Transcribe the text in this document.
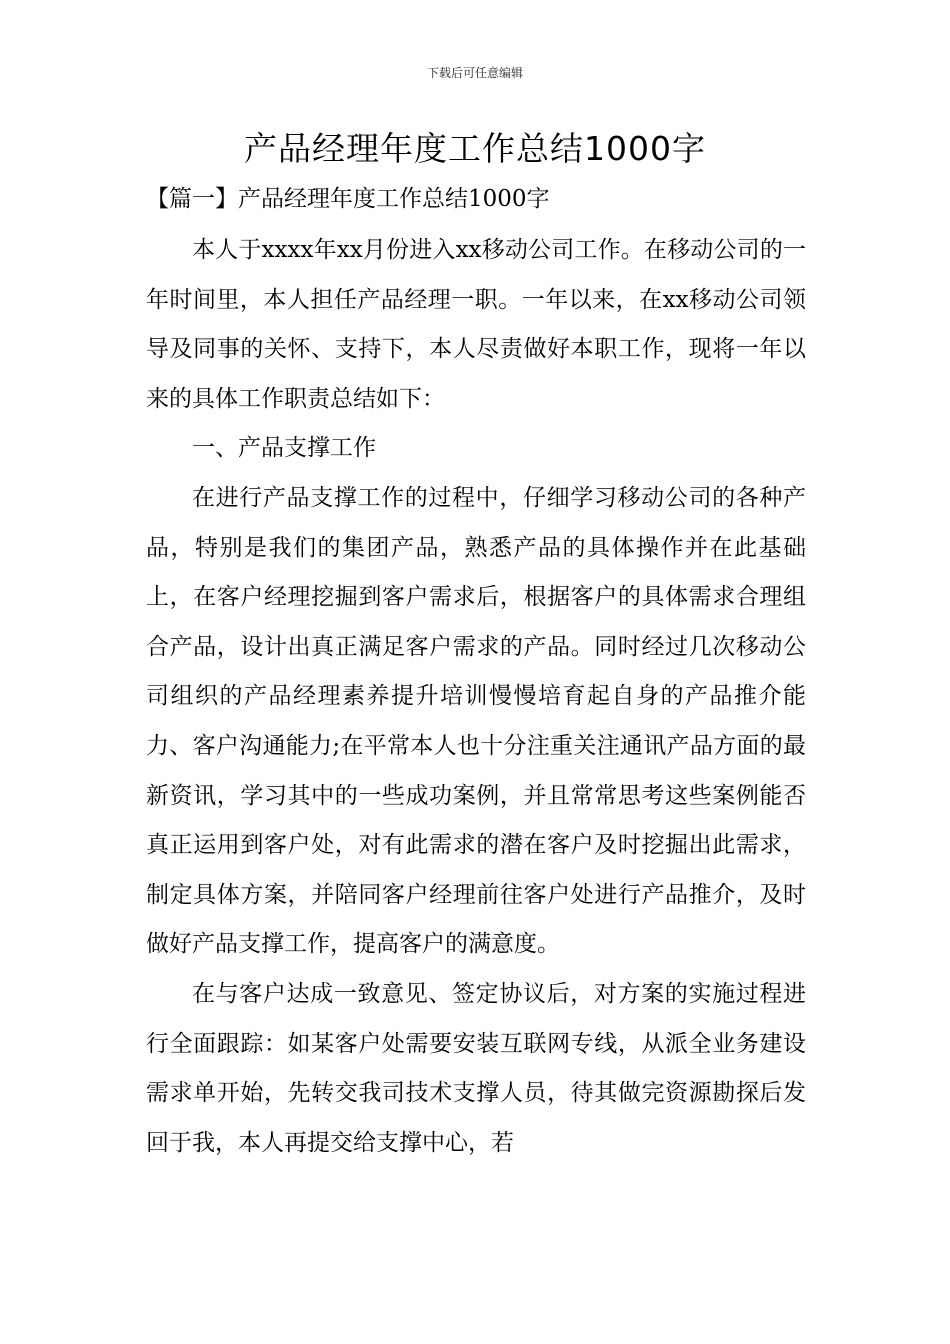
下载后可任意编辑
产品经理年度工作总结1000字
【篇一】产品经理年度工作总结1000字

本人于xxxx年xx月份进入xx移动公司工作。在移动公司的一年时间里，本人担任产品经理一职。一年以来，在xx移动公司领导及同事的关怀、支持下，本人尽责做好本职工作，现将一年以来的具体工作职责总结如下：

一、产品支撑工作

在进行产品支撑工作的过程中，仔细学习移动公司的各种产品，特别是我们的集团产品，熟悉产品的具体操作并在此基础上，在客户经理挖掘到客户需求后，根据客户的具体需求合理组合产品，设计出真正满足客户需求的产品。同时经过几次移动公司组织的产品经理素养提升培训慢慢培育起自身的产品推介能力、客户沟通能力;在平常本人也十分注重关注通讯产品方面的最新资讯，学习其中的一些成功案例，并且常常思考这些案例能否真正运用到客户处，对有此需求的潜在客户及时挖掘出此需求，制定具体方案，并陪同客户经理前往客户处进行产品推介，及时做好产品支撑工作，提高客户的满意度。

在与客户达成一致意见、签定协议后，对方案的实施过程进行全面跟踪：如某客户处需要安装互联网专线，从派全业务建设需求单开始，先转交我司技术支撑人员，待其做完资源勘探后发回于我，本人再提交给支撑中心，若
